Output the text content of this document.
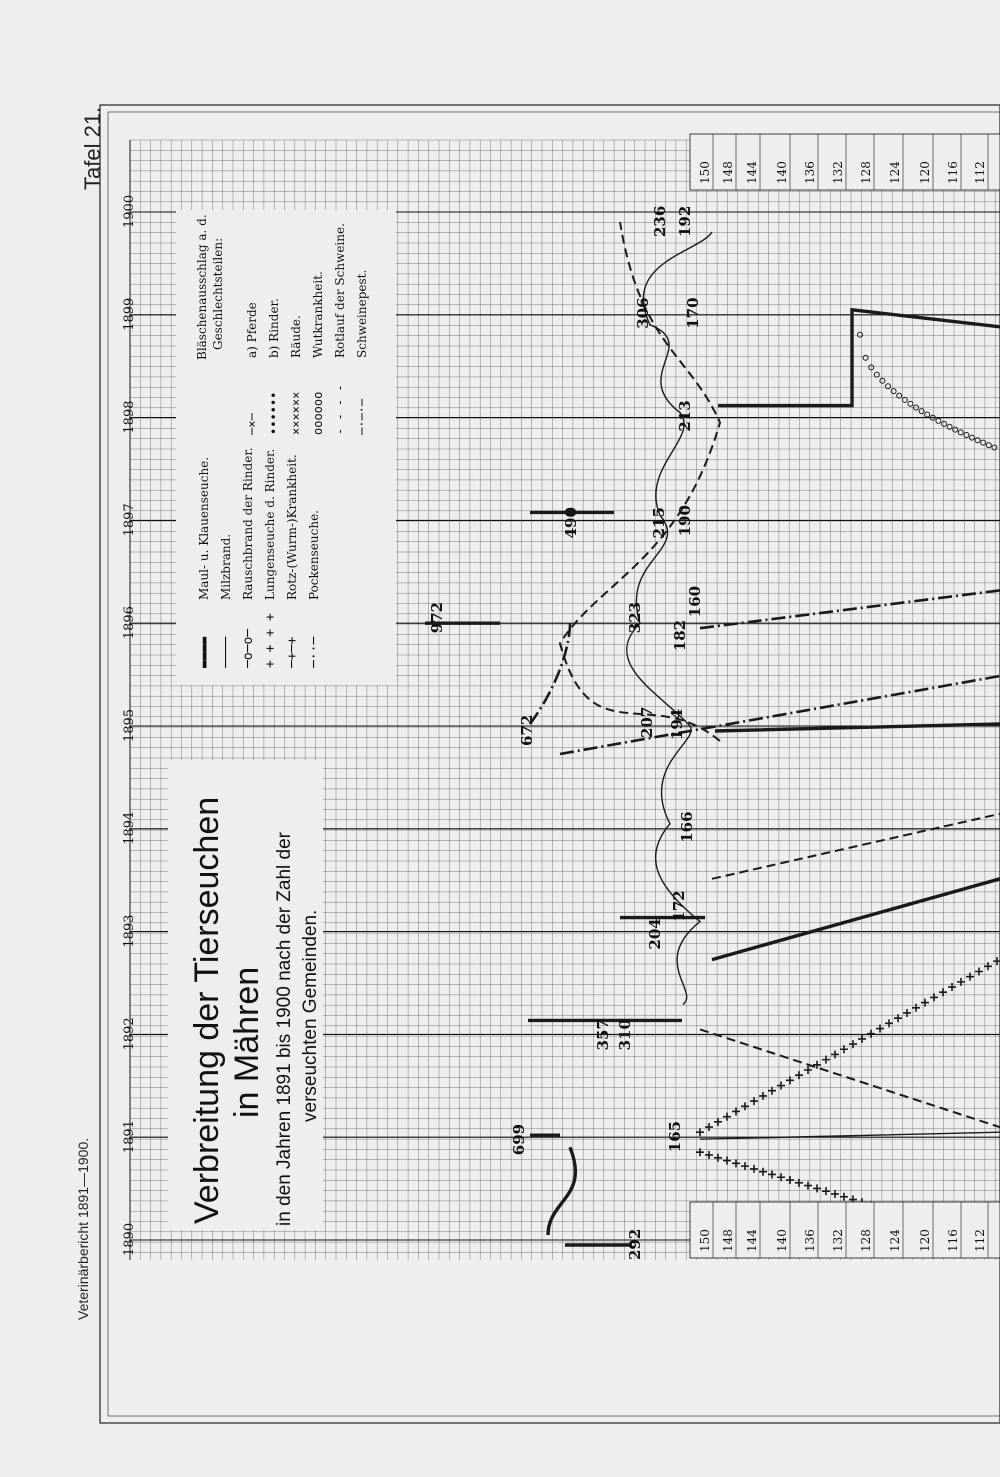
1890
1891
1892
1893
1894
1895
1896
1897
1898
1899
1900
150 148 144 140 136 132 128 124 120 116 112
150 148 144 140 136 132 128 124 120 116 112
292
699	165
357 310
204
172
166
672	207 194
972	323
182
160
490	215 190
213
306 170
236 192
Veterinärbericht 1891—1900.
Tafel 21.
Verbreitung der Tierseuchen in Mähren in den Jahren 1891 bis 1900 nach der Zahl der verseuchten Gemeinden.
▬▬▬▬
Maul- u. Klauenseuche.
────
Milzbrand.
─o─o─
Rauschbrand der Rinder.
+ + + +
Lungenseuche d. Rinder.
─+─+
Rotz-(Wurm-)Krankheit.
─··─
Pockenseuche.
Bläschenausschlag a. d. Geschlechtsteilen:
─×─
a) Pferde
••••••
b) Rinder.
××××××
Räude.
oooooo
Wutkrankheit.
- - - -
Rotlauf der Schweine.
─·─·─
Schweinepest.
